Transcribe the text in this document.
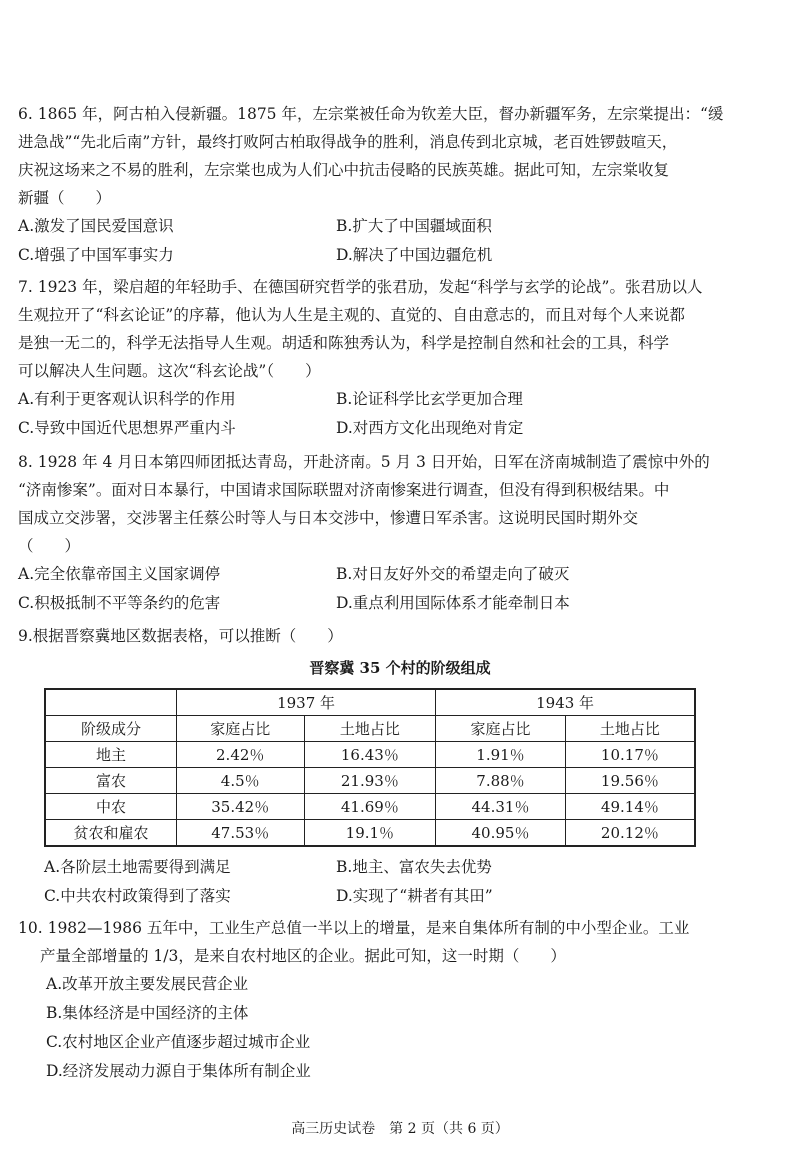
6. 1865 年，阿古柏入侵新疆。1875 年，左宗棠被任命为钦差大臣，督办新疆军务，左宗棠提出：“缓

进急战”“先北后南”方针，最终打败阿古柏取得战争的胜利，消息传到北京城，老百姓锣鼓喧天，

庆祝这场来之不易的胜利，左宗棠也成为人们心中抗击侵略的民族英雄。据此可知，左宗棠收复

新疆（　　）

A.激发了国民爱国意识	B.扩大了中国疆域面积
C.增强了中国军事实力	D.解决了中国边疆危机

7. 1923 年，梁启超的年轻助手、在德国研究哲学的张君劢，发起“科学与玄学的论战”。张君劢以人

生观拉开了“科玄论证”的序幕，他认为人生是主观的、直觉的、自由意志的，而且对每个人来说都

是独一无二的，科学无法指导人生观。胡适和陈独秀认为，科学是控制自然和社会的工具，科学

可以解决人生问题。这次“科玄论战”（　　）

A.有利于更客观认识科学的作用	B.论证科学比玄学更加合理
C.导致中国近代思想界严重内斗	D.对西方文化出现绝对肯定

8. 1928 年 4 月日本第四师团抵达青岛，开赴济南。5 月 3 日开始，日军在济南城制造了震惊中外的

“济南惨案”。面对日本暴行，中国请求国际联盟对济南惨案进行调查，但没有得到积极结果。中

国成立交涉署，交涉署主任蔡公时等人与日本交涉中，惨遭日军杀害。这说明民国时期外交

（　　）

A.完全依靠帝国主义国家调停	B.对日友好外交的希望走向了破灭
C.积极抵制不平等条约的危害	D.重点利用国际体系才能牵制日本

9.根据晋察冀地区数据表格，可以推断（　　）

晋察冀 35 个村的阶级组成
	1937 年		1943 年	
阶级成分	家庭占比	土地占比	家庭占比	土地占比
地主	2.42％	16.43％	1.91％	10.17％
富农	4.5％	21.93％	7.88％	19.56％
中农	35.42％	41.69％	44.31％	49.14％
贫农和雇农	47.53％	19.1％	40.95％	20.12％
A.各阶层土地需要得到满足	B.地主、富农失去优势
C.中共农村政策得到了落实	D.实现了“耕者有其田”

10. 1982—1986 五年中，工业生产总值一半以上的增量，是来自集体所有制的中小型企业。工业

产量全部增量的 1/3，是来自农村地区的企业。据此可知，这一时期（　　）

A.改革开放主要发展民营企业
B.集体经济是中国经济的主体
C.农村地区企业产值逐步超过城市企业
D.经济发展动力源自于集体所有制企业
高三历史试卷　第 2 页（共 6 页）
